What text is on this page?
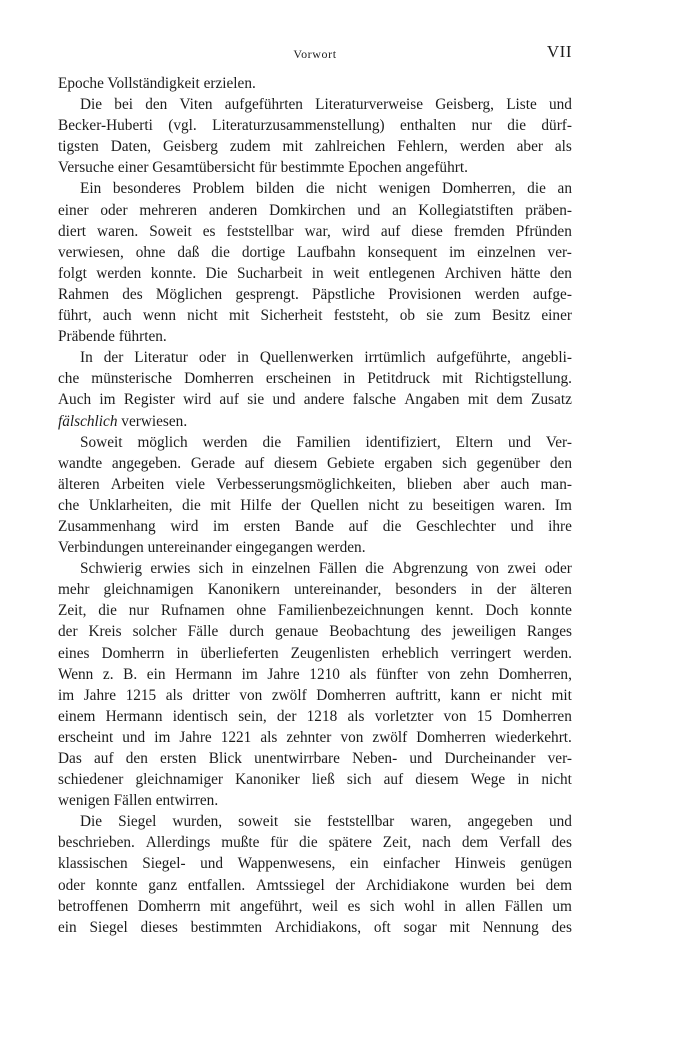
Vorwort	VII
Epoche Vollständigkeit erzielen.
Die bei den Viten aufgeführten Literaturverweise Geisberg, Liste und
Becker-Huberti (vgl. Literaturzusammenstellung) enthalten nur die dürf-
tigsten Daten, Geisberg zudem mit zahlreichen Fehlern, werden aber als
Versuche einer Gesamtübersicht für bestimmte Epochen angeführt.
Ein besonderes Problem bilden die nicht wenigen Domherren, die an
einer oder mehreren anderen Domkirchen und an Kollegiatstiften präben-
diert waren. Soweit es feststellbar war, wird auf diese fremden Pfründen
verwiesen, ohne daß die dortige Laufbahn konsequent im einzelnen ver-
folgt werden konnte. Die Sucharbeit in weit entlegenen Archiven hätte den
Rahmen des Möglichen gesprengt. Päpstliche Provisionen werden aufge-
führt, auch wenn nicht mit Sicherheit feststeht, ob sie zum Besitz einer
Präbende führten.
In der Literatur oder in Quellenwerken irrtümlich aufgeführte, angebli-
che münsterische Domherren erscheinen in Petitdruck mit Richtigstellung.
Auch im Register wird auf sie und andere falsche Angaben mit dem Zusatz
fälschlich verwiesen.
Soweit möglich werden die Familien identifiziert, Eltern und Ver-
wandte angegeben. Gerade auf diesem Gebiete ergaben sich gegenüber den
älteren Arbeiten viele Verbesserungsmöglichkeiten, blieben aber auch man-
che Unklarheiten, die mit Hilfe der Quellen nicht zu beseitigen waren. Im
Zusammenhang wird im ersten Bande auf die Geschlechter und ihre
Verbindungen untereinander eingegangen werden.
Schwierig erwies sich in einzelnen Fällen die Abgrenzung von zwei oder
mehr gleichnamigen Kanonikern untereinander, besonders in der älteren
Zeit, die nur Rufnamen ohne Familienbezeichnungen kennt. Doch konnte
der Kreis solcher Fälle durch genaue Beobachtung des jeweiligen Ranges
eines Domherrn in überlieferten Zeugenlisten erheblich verringert werden.
Wenn z. B. ein Hermann im Jahre 1210 als fünfter von zehn Domherren,
im Jahre 1215 als dritter von zwölf Domherren auftritt, kann er nicht mit
einem Hermann identisch sein, der 1218 als vorletzter von 15 Domherren
erscheint und im Jahre 1221 als zehnter von zwölf Domherren wiederkehrt.
Das auf den ersten Blick unentwirrbare Neben- und Durcheinander ver-
schiedener gleichnamiger Kanoniker ließ sich auf diesem Wege in nicht
wenigen Fällen entwirren.
Die Siegel wurden, soweit sie feststellbar waren, angegeben und
beschrieben. Allerdings mußte für die spätere Zeit, nach dem Verfall des
klassischen Siegel- und Wappenwesens, ein einfacher Hinweis genügen
oder konnte ganz entfallen. Amtssiegel der Archidiakone wurden bei dem
betroffenen Domherrn mit angeführt, weil es sich wohl in allen Fällen um
ein Siegel dieses bestimmten Archidiakons, oft sogar mit Nennung des
